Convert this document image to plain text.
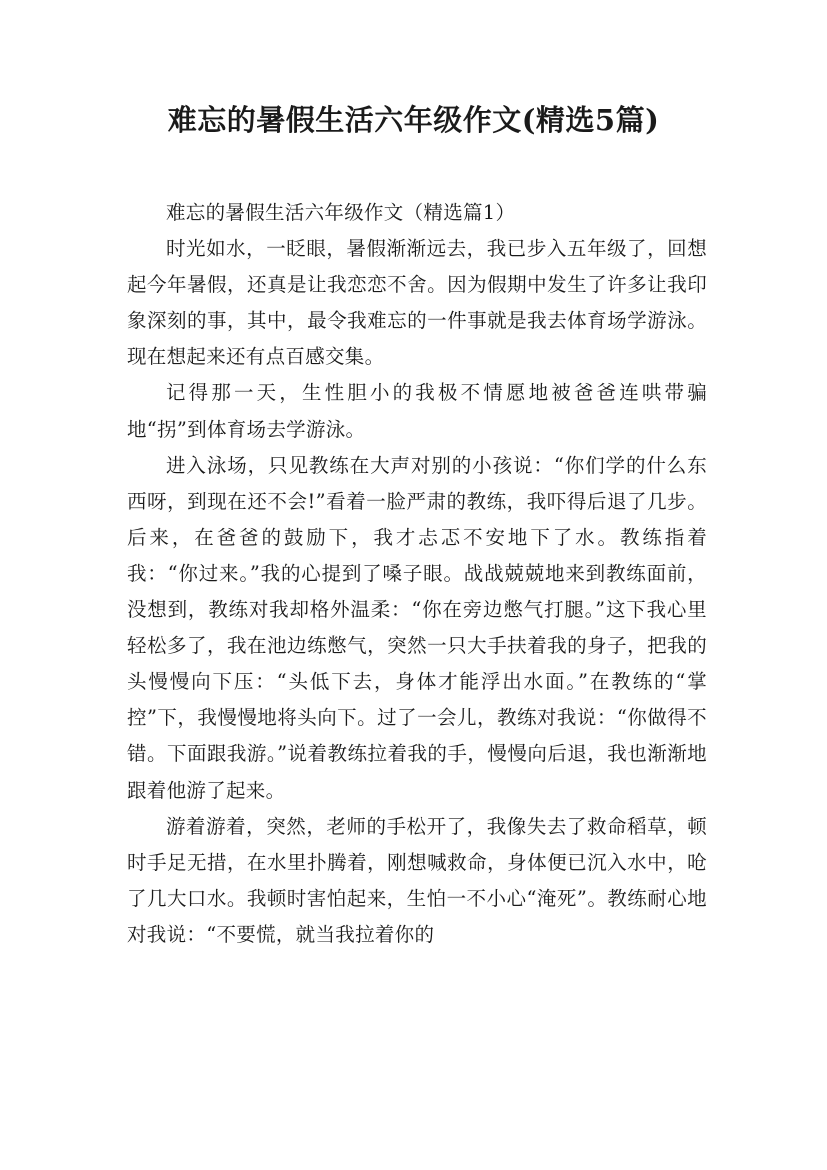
难忘的暑假生活六年级作文(精选5篇)

难忘的暑假生活六年级作文（精选篇1）

时光如水，一眨眼，暑假渐渐远去，我已步入五年级了，回想起今年暑假，还真是让我恋恋不舍。因为假期中发生了许多让我印象深刻的事，其中，最令我难忘的一件事就是我去体育场学游泳。现在想起来还有点百感交集。

记得那一天，生性胆小的我极不情愿地被爸爸连哄带骗地“拐”到体育场去学游泳。

进入泳场，只见教练在大声对别的小孩说：“你们学的什么东西呀，到现在还不会!”看着一脸严肃的教练，我吓得后退了几步。后来，在爸爸的鼓励下，我才忐忑不安地下了水。教练指着我：“你过来。”我的心提到了嗓子眼。战战兢兢地来到教练面前，没想到，教练对我却格外温柔：“你在旁边憋气打腿。”这下我心里轻松多了，我在池边练憋气，突然一只大手扶着我的身子，把我的头慢慢向下压：“头低下去，身体才能浮出水面。”在教练的“掌控”下，我慢慢地将头向下。过了一会儿，教练对我说：“你做得不错。下面跟我游。”说着教练拉着我的手，慢慢向后退，我也渐渐地跟着他游了起来。

游着游着，突然，老师的手松开了，我像失去了救命稻草，顿时手足无措，在水里扑腾着，刚想喊救命，身体便已沉入水中，呛了几大口水。我顿时害怕起来，生怕一不小心“淹死”。教练耐心地对我说：“不要慌，就当我拉着你的
